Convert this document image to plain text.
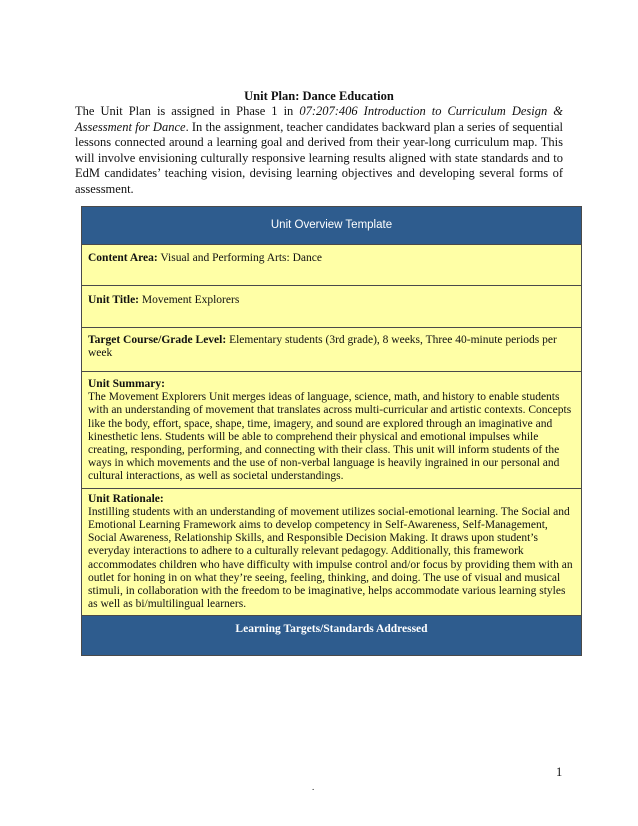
Unit Plan: Dance Education
The Unit Plan is assigned in Phase 1 in 07:207:406 Introduction to Curriculum Design & Assessment for Dance. In the assignment, teacher candidates backward plan a series of sequential lessons connected around a learning goal and derived from their year-long curriculum map. This will involve envisioning culturally responsive learning results aligned with state standards and to EdM candidates’ teaching vision, devising learning objectives and developing several forms of assessment.
Unit Overview Template
Content Area: Visual and Performing Arts: Dance
Unit Title: Movement Explorers
Target Course/Grade Level: Elementary students (3rd grade), 8 weeks, Three 40-minute periods per week

Unit Summary:
The Movement Explorers Unit merges ideas of language, science, math, and history to enable students with an understanding of movement that translates across multi-curricular and artistic contexts. Concepts like the body, effort, space, shape, time, imagery, and sound are explored through an imaginative and kinesthetic lens. Students will be able to comprehend their physical and emotional impulses while creating, responding, performing, and connecting with their class. This unit will inform students of the ways in which movements and the use of non-verbal language is heavily ingrained in our personal and cultural interactions, as well as societal understandings.

Unit Rationale:
Instilling students with an understanding of movement utilizes social-emotional learning. The Social and Emotional Learning Framework aims to develop competency in Self-Awareness, Self-Management, Social Awareness, Relationship Skills, and Responsible Decision Making. It draws upon student’s everyday interactions to adhere to a culturally relevant pedagogy. Additionally, this framework accommodates children who have difficulty with impulse control and/or focus by providing them with an outlet for honing in on what they’re seeing, feeling, thinking, and doing. The use of visual and musical stimuli, in collaboration with the freedom to be imaginative, helps accommodate various learning styles as well as bi/multilingual learners.

Learning Targets/Standards Addressed
1
.
